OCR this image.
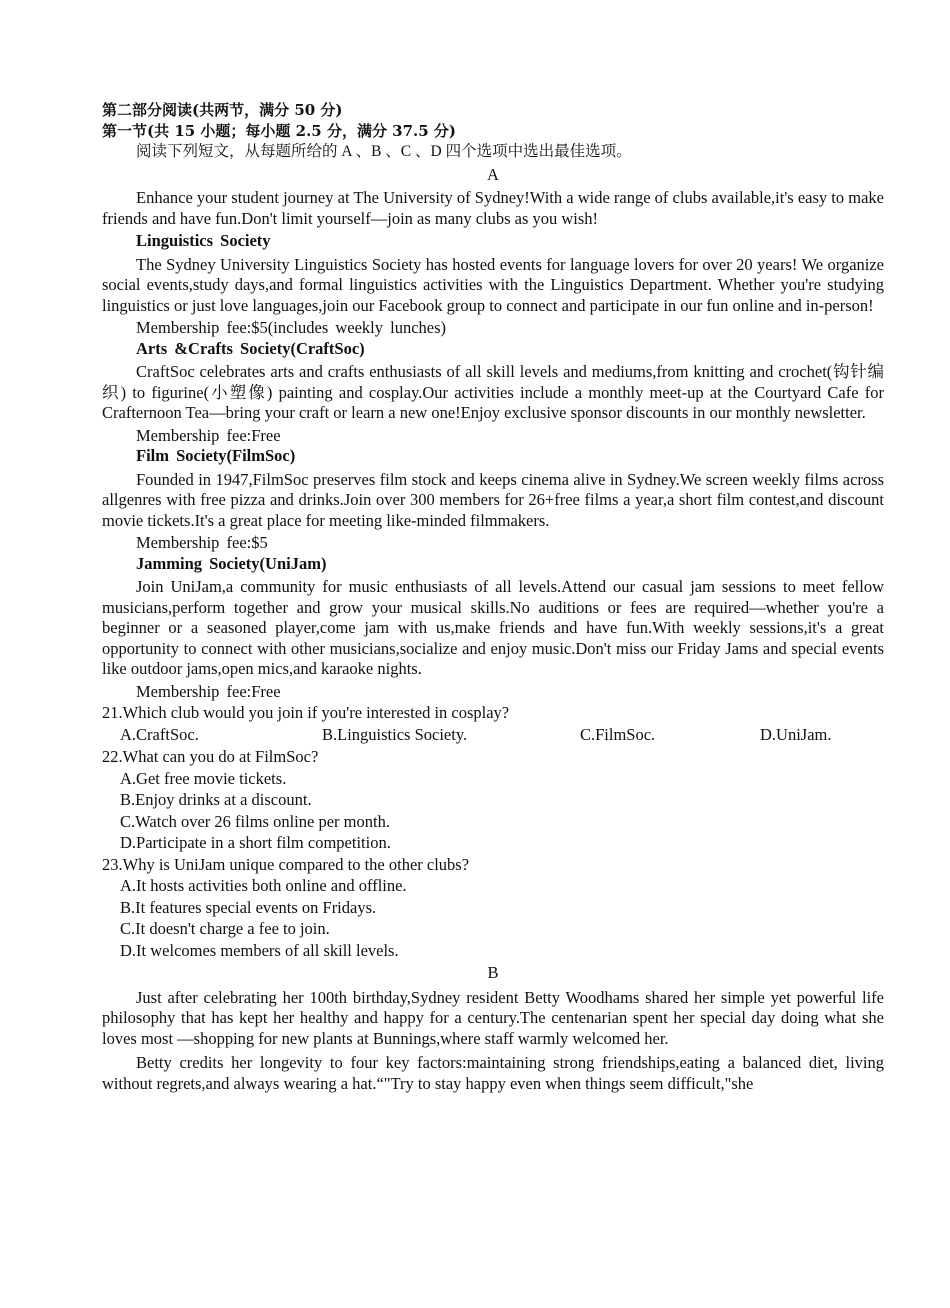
第二部分阅读(共两节，满分 50 分)

第一节(共 15 小题；每小题 2.5 分，满分 37.5 分)

阅读下列短文，从每题所给的 A 、B 、C 、D 四个选项中选出最佳选项。

A

Enhance your student journey at The University of Sydney!With a wide range of clubs available,it's easy to make friends and have fun.Don't limit yourself—join as many clubs as you wish!

Linguistics Society

The Sydney University Linguistics Society has hosted events for language lovers for over 20 years! We organize social events,study days,and formal linguistics activities with the Linguistics Department. Whether you're studying linguistics or just love languages,join our Facebook group to connect and participate in our fun online and in-person!

Membership fee:$5(includes weekly lunches)

Arts &Crafts Society(CraftSoc)

CraftSoc celebrates arts and crafts enthusiasts of all skill levels and mediums,from knitting and crochet(钩针编织) to figurine(小塑像) painting and cosplay.Our activities include a monthly meet-up at the Courtyard Cafe for Crafternoon Tea—bring your craft or learn a new one!Enjoy exclusive sponsor discounts in our monthly newsletter.

Membership fee:Free

Film Society(FilmSoc)

Founded in 1947,FilmSoc preserves film stock and keeps cinema alive in Sydney.We screen weekly films across allgenres with free pizza and drinks.Join over 300 members for 26+free films a year,a short film contest,and discount movie tickets.It's a great place for meeting like-minded filmmakers.

Membership fee:$5

Jamming Society(UniJam)

Join UniJam,a community for music enthusiasts of all levels.Attend our casual jam sessions to meet fellow musicians,perform together and grow your musical skills.No auditions or fees are required—whether you're a beginner or a seasoned player,come jam with us,make friends and have fun.With weekly sessions,it's a great opportunity to connect with other musicians,socialize and enjoy music.Don't miss our Friday Jams and special events like outdoor jams,open mics,and karaoke nights.

Membership fee:Free

21.Which club would you join if you're interested in cosplay?

A.CraftSoc.	B.Linguistics Society.	C.FilmSoc.	D.UniJam.

22.What can you do at FilmSoc?

A.Get free movie tickets.

B.Enjoy drinks at a discount.

C.Watch over 26 films online per month.

D.Participate in a short film competition.

23.Why is UniJam unique compared to the other clubs?

A.It hosts activities both online and offline.

B.It features special events on Fridays.

C.It doesn't charge a fee to join.

D.It welcomes members of all skill levels.

B

Just after celebrating her 100th birthday,Sydney resident Betty Woodhams shared her simple yet powerful life philosophy that has kept her healthy and happy for a century.The centenarian spent her special day doing what she loves most —shopping for new plants at Bunnings,where staff warmly welcomed her.

Betty credits her longevity to four key factors:maintaining strong friendships,eating a balanced diet, living without regrets,and always wearing a hat.“"Try to stay happy even when things seem difficult,"she
